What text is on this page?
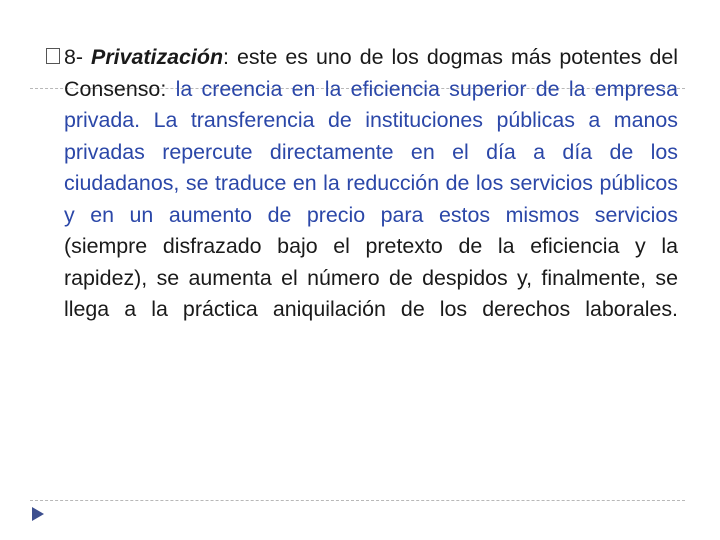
8- Privatización: este es uno de los dogmas más potentes del Consenso: la creencia en la eficiencia superior de la empresa privada. La transferencia de instituciones públicas a manos privadas repercute directamente en el día a día de los ciudadanos, se traduce en la reducción de los servicios públicos y en un aumento de precio para estos mismos servicios (siempre disfrazado bajo el pretexto de la eficiencia y la rapidez), se aumenta el número de despidos y, finalmente, se llega a la práctica aniquilación de los derechos laborales.
